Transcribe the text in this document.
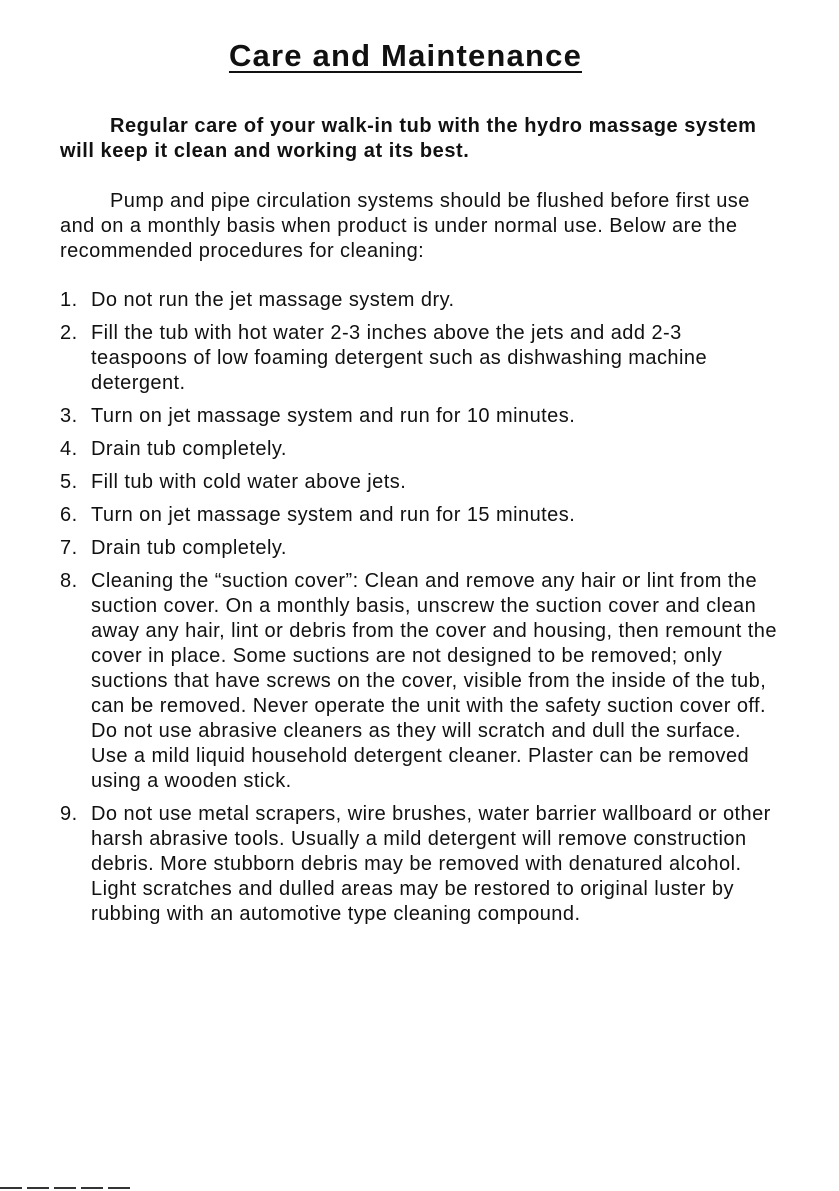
Care and Maintenance

Regular care of your walk-in tub with the hydro massage system will keep it clean and working at its best.

Pump and pipe circulation systems should be flushed before first use and on a monthly basis when product is under normal use. Below are the recommended procedures for cleaning:

1. Do not run the jet massage system dry.
2. Fill the tub with hot water 2-3 inches above the jets and add 2-3 teaspoons of low foaming detergent such as dishwashing machine detergent.
3. Turn on jet massage system and run for 10 minutes.
4. Drain tub completely.
5. Fill tub with cold water above jets.
6. Turn on jet massage system and run for 15 minutes.
7. Drain tub completely.
8. Cleaning the “suction cover”: Clean and remove any hair or lint from the suction cover. On a monthly basis, unscrew the suction cover and clean away any hair, lint or debris from the cover and housing, then remount the cover in place. Some suctions are not designed to be removed; only suctions that have screws on the cover, visible from the inside of the tub, can be removed. Never operate the unit with the safety suction cover off. Do not use abrasive cleaners as they will scratch and dull the surface. Use a mild liquid household detergent cleaner. Plaster can be removed using a wooden stick.
9. Do not use metal scrapers, wire brushes, water barrier wallboard or other harsh abrasive tools. Usually a mild detergent will remove construction debris. More stubborn debris may be removed with denatured alcohol. Light scratches and dulled areas may be restored to original luster by rubbing with an automotive type cleaning compound.
